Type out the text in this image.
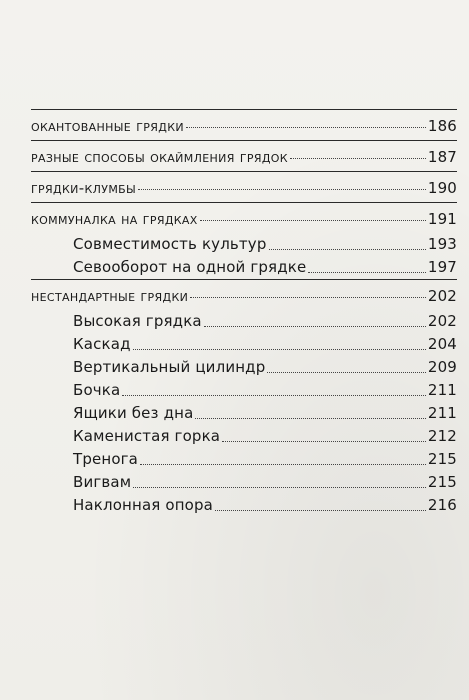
окантованные грядки	186
разные способы окаймления грядок	187
грядки-клумбы	190
коммуналка на грядках	191
Совместимость культур	193
Севооборот на одной грядке	197
нестандартные грядки	202
Высокая грядка	202
Каскад	204
Вертикальный цилиндр	209
Бочка	211
Ящики без дна	211
Каменистая горка	212
Тренога	215
Вигвам	215
Наклонная опора	216
